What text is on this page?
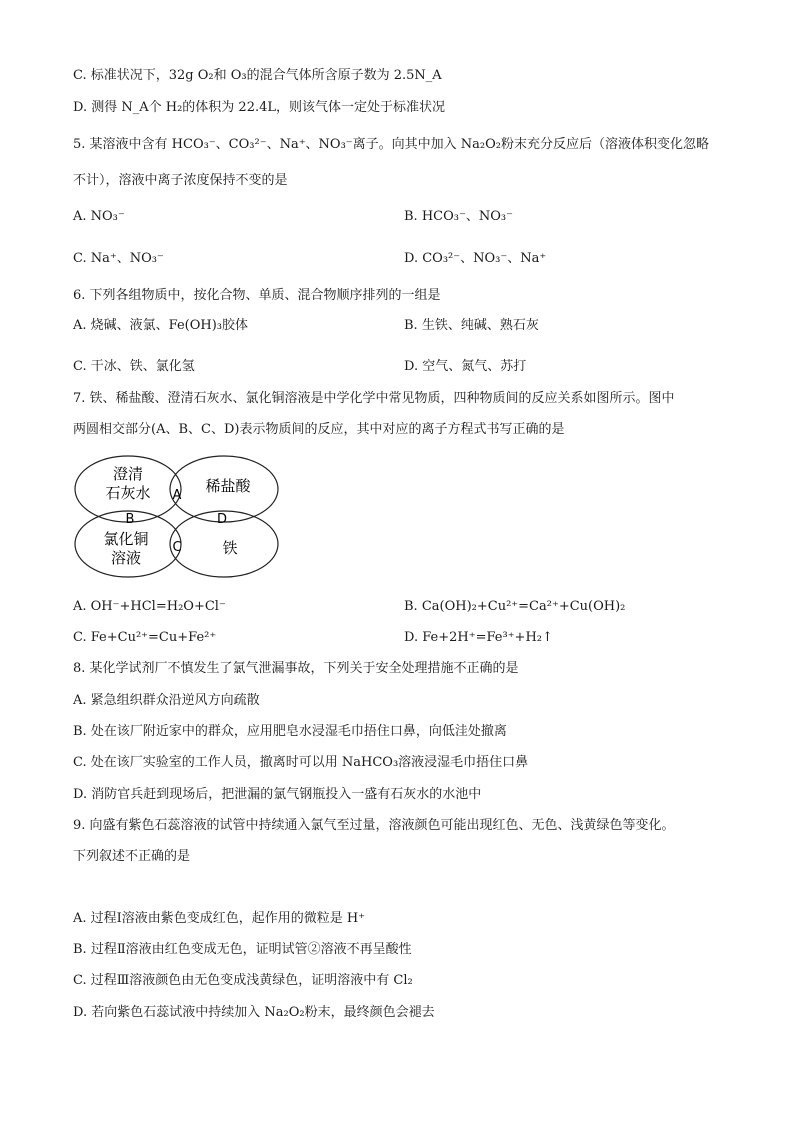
C. 标准状况下，32g O₂和 O₃的混合气体所含原子数为 2.5N_A
D. 测得 N_A个 H₂的体积为 22.4L，则该气体一定处于标准状况
5. 某溶液中含有 HCO₃⁻、CO₃²⁻、Na⁺、NO₃⁻离子。向其中加入 Na₂O₂粉末充分反应后（溶液体积变化忽略
不计），溶液中离子浓度保持不变的是
A. NO₃⁻	B. HCO₃⁻、NO₃⁻
C. Na⁺、NO₃⁻	D. CO₃²⁻、NO₃⁻、Na⁺
6. 下列各组物质中，按化合物、单质、混合物顺序排列的一组是
A. 烧碱、液氯、Fe(OH)₃胶体	B. 生铁、纯碱、熟石灰
C. 干冰、铁、氯化氢	D. 空气、氮气、苏打
7. 铁、稀盐酸、澄清石灰水、氯化铜溶液是中学化学中常见物质，四种物质间的反应关系如图所示。图中
两圆相交部分(A、B、C、D)表示物质间的反应，其中对应的离子方程式书写正确的是
澄清
石灰水	稀盐酸
氯化铜
溶液
铁
A
B
C
D
A. OH⁻+HCl=H₂O+Cl⁻	B. Ca(OH)₂+Cu²⁺=Ca²⁺+Cu(OH)₂
C. Fe+Cu²⁺=Cu+Fe²⁺	D. Fe+2H⁺=Fe³⁺+H₂↑
8. 某化学试剂厂不慎发生了氯气泄漏事故，下列关于安全处理措施不正确的是
A. 紧急组织群众沿逆风方向疏散
B. 处在该厂附近家中的群众，应用肥皂水浸湿毛巾捂住口鼻，向低洼处撤离
C. 处在该厂实验室的工作人员，撤离时可以用 NaHCO₃溶液浸湿毛巾捂住口鼻
D. 消防官兵赶到现场后，把泄漏的氯气钢瓶投入一盛有石灰水的水池中
9. 向盛有紫色石蕊溶液的试管中持续通入氯气至过量，溶液颜色可能出现红色、无色、浅黄绿色等变化。
下列叙述不正确的是
A. 过程Ⅰ溶液由紫色变成红色，起作用的微粒是 H⁺
B. 过程Ⅱ溶液由红色变成无色，证明试管②溶液不再呈酸性
C. 过程Ⅲ溶液颜色由无色变成浅黄绿色，证明溶液中有 Cl₂
D. 若向紫色石蕊试液中持续加入 Na₂O₂粉末，最终颜色会褪去
